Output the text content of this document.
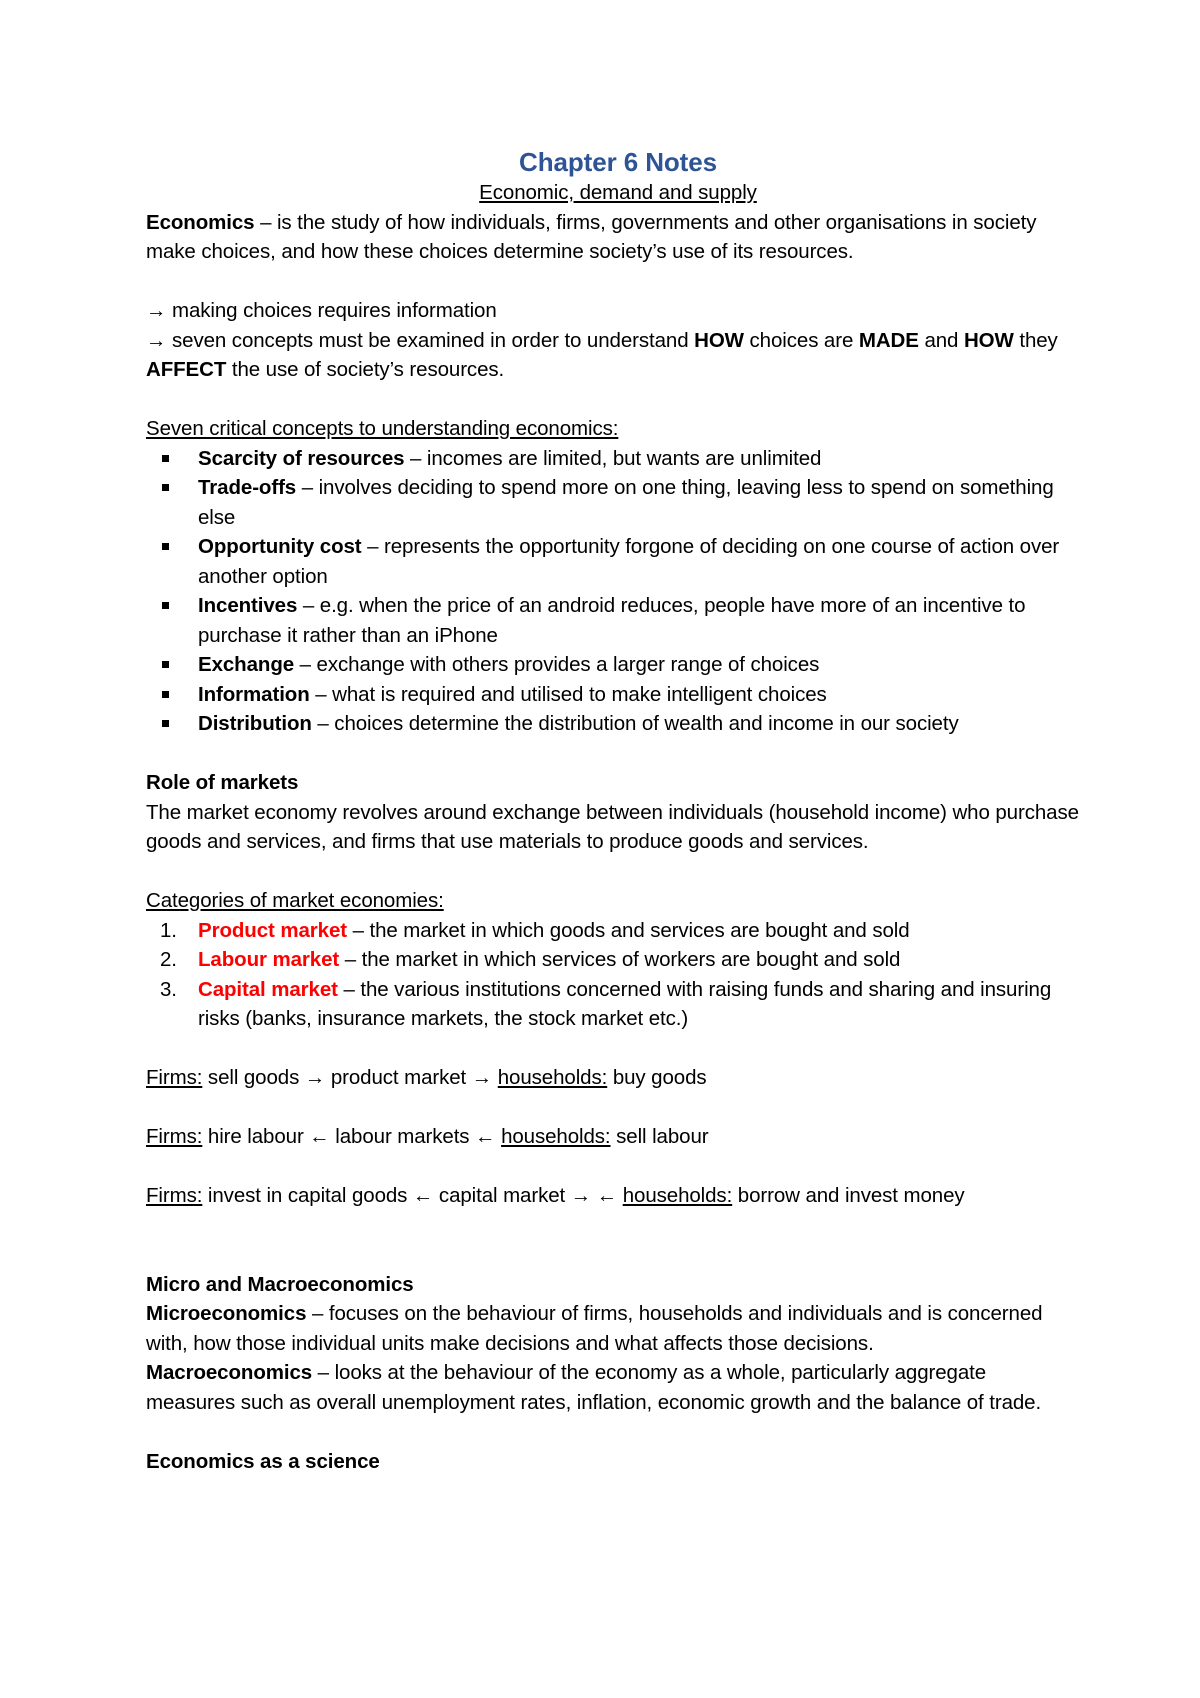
Chapter 6 Notes
Economic, demand and supply

Economics – is the study of how individuals, firms, governments and other organisations in society make choices, and how these choices determine society’s use of its resources.

→ making choices requires information

→ seven concepts must be examined in order to understand HOW choices are MADE and HOW they AFFECT the use of society’s resources.

Seven critical concepts to understanding economics:

Scarcity of resources – incomes are limited, but wants are unlimited
Trade-offs – involves deciding to spend more on one thing, leaving less to spend on something else
Opportunity cost – represents the opportunity forgone of deciding on one course of action over another option
Incentives – e.g. when the price of an android reduces, people have more of an incentive to purchase it rather than an iPhone
Exchange – exchange with others provides a larger range of choices
Information – what is required and utilised to make intelligent choices
Distribution – choices determine the distribution of wealth and income in our society

Role of markets

The market economy revolves around exchange between individuals (household income) who purchase goods and services, and firms that use materials to produce goods and services.

Categories of market economies:

1. Product market – the market in which goods and services are bought and sold
2. Labour market – the market in which services of workers are bought and sold
3. Capital market – the various institutions concerned with raising funds and sharing and insuring risks (banks, insurance markets, the stock market etc.)

Firms: sell goods → product market → households: buy goods

Firms: hire labour ← labour markets ← households: sell labour

Firms: invest in capital goods ← capital market → ← households: borrow and invest money

Micro and Macroeconomics

Microeconomics – focuses on the behaviour of firms, households and individuals and is concerned with, how those individual units make decisions and what affects those decisions.

Macroeconomics – looks at the behaviour of the economy as a whole, particularly aggregate measures such as overall unemployment rates, inflation, economic growth and the balance of trade.

Economics as a science
